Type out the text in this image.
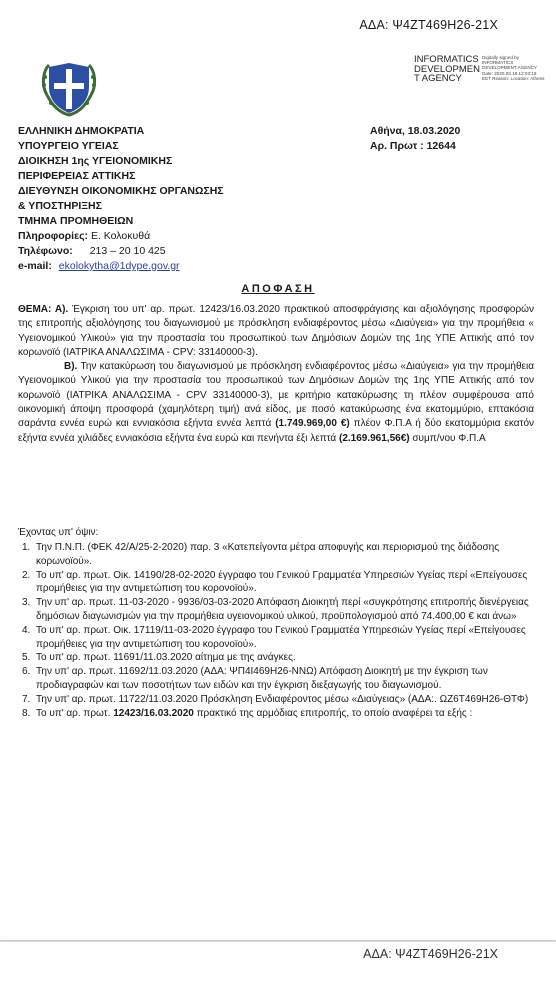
ΑΔΑ: Ψ4ΖΤ469Η26-21Χ
INFORMATICS
DEVELOPMEN
T AGENCY
Digitally signed by INFORMATICS DEVELOPMENT AGENCY Date: 2020.03.18 12:03:18 EET Reason: Location: Athens
ΕΛΛΗΝΙΚΗ ΔΗΜΟΚΡΑΤΙΑ
ΥΠΟΥΡΓΕΙΟ ΥΓΕΙΑΣ
ΔΙΟΙΚΗΣΗ 1ης ΥΓΕΙΟΝΟΜΙΚΗΣ
ΠΕΡΙΦΕΡΕΙΑΣ ΑΤΤΙΚΗΣ
ΔΙΕΥΘΥΝΣΗ ΟΙΚΟΝΟΜΙΚΗΣ ΟΡΓΑΝΩΣΗΣ
& ΥΠΟΣΤΗΡΙΞΗΣ
ΤΜΗΜΑ ΠΡΟΜΗΘΕΙΩΝ
Πληροφορίες: Ε. Κολοκυθά
Τηλέφωνο: 213 – 20 10 425
e-mail: ekolokytha@1dype.gov.gr
Αθήνα, 18.03.2020
Αρ. Πρωτ : 12644
ΑΠΟΦΑΣΗ

ΘΕΜΑ: Α). Έγκριση του υπ' αρ. πρωτ. 12423/16.03.2020 πρακτικού αποσφράγισης και αξιολόγησης προσφορών της επιτροπής αξιολόγησης του διαγωνισμού με πρόσκληση ενδιαφέροντος μέσω «Διαύγεια» για την προμήθεια « Υγειονομικού Υλικού» για την προστασία του προσωπικού των Δημόσιων Δομών της 1ης ΥΠΕ Αττικής από τον κορωνοϊό (ΙΑΤΡΙΚΑ ΑΝΑΛΩΣΙΜΑ - CPV: 33140000-3).

Β). Την κατακύρωση του διαγωνισμού με πρόσκληση ενδιαφέροντος μέσω «Διαύγεια» για την προμήθεια Υγειονομικού Υλικού για την προστασία του προσωπικού των Δημόσιων Δομών της 1ης ΥΠΕ Αττικής από τον κορωνοϊό (ΙΑΤΡΙΚΑ ΑΝΑΛΩΣΙΜΑ - CPV 33140000-3), με κριτήριο κατακύρωσης τη πλέον συμφέρουσα από οικονομική άποψη προσφορά (χαμηλότερη τιμή) ανά είδος, με ποσό κατακύρωσης ένα εκατομμύριο, επτακόσια σαράντα εννέα ευρώ και εννιακόσια εξήντα εννέα λεπτά (1.749.969,00 €) πλέον Φ.Π.Α ή δύο εκατομμύρια εκατόν εξήντα εννέα χιλιάδες εννιακόσια εξήντα ένα ευρώ και πενήντα έξι λεπτά (2.169.961,56€) συμπ/νου Φ.Π.Α

Έχοντας υπ' όψιν:
1. Την Π.Ν.Π. (ΦΕΚ 42/Α/25-2-2020) παρ. 3 «Κατεπείγοντα μέτρα αποφυγής και περιορισμού της διάδοσης κορωνοϊού».
2. Το υπ' αρ. πρωτ. Οικ. 14190/28-02-2020 έγγραφο του Γενικού Γραμματέα Υπηρεσιών Υγείας περί «Επείγουσες προμήθειες για την αντιμετώπιση του κορονοϊού».
3. Την υπ' αρ. πρωτ. 11-03-2020 - 9936/03-03-2020 Απόφαση Διοικητή περί «συγκρότησης επιτροπής διενέργειας δημόσιων διαγωνισμών για την προμήθεια υγειονομικού υλικού, προϋπολογισμού από 74.400,00 € και άνω»
4. Το υπ' αρ. πρωτ. Οικ. 17119/11-03-2020 έγγραφο του Γενικού Γραμματέα Υπηρεσιών Υγείας περί «Επείγουσες προμήθειες για την αντιμετώπιση του κορονοϊού».
5. Το υπ' αρ. πρωτ. 11691/11.03.2020 αίτημα με της ανάγκες.
6. Την υπ' αρ. πρωτ. 11692/11.03.2020 (ΑΔΑ: ΨΠ4Ι469Η26-ΝΝΩ) Απόφαση Διοικητή με την έγκριση των προδιαγραφών και των ποσοτήτων των ειδών και την έγκριση διεξαγωγής του διαγωνισμού.
7. Την υπ' αρ. πρωτ. 11722/11.03.2020 Πρόσκληση Ενδιαφέροντος μέσω «Διαύγειας» (ΑΔΑ:. ΩΖ6Τ469Η26-ΘΤΦ)
8. Το υπ' αρ. πρωτ. 12423/16.03.2020 πρακτικό της αρμόδιας επιτροπής, το οποίο αναφέρει τα εξής :
ΑΔΑ: Ψ4ΖΤ469Η26-21Χ
